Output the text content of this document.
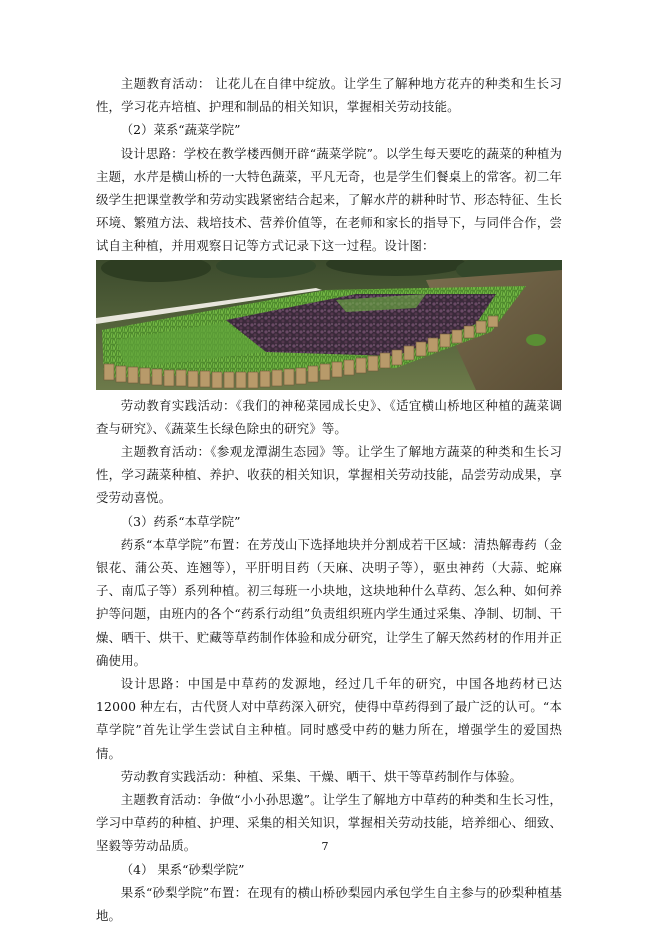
主题教育活动： 让花儿在自律中绽放。让学生了解种地方花卉的种类和生长习性，学习花卉培植、护理和制品的相关知识，掌握相关劳动技能。

（2）菜系“蔬菜学院”

设计思路：学校在教学楼西侧开辟“蔬菜学院”。以学生每天要吃的蔬菜的种植为主题，水芹是横山桥的一大特色蔬菜，平凡无奇，也是学生们餐桌上的常客。初二年级学生把课堂教学和劳动实践紧密结合起来，了解水芹的耕种时节、形态特征、生长环境、繁殖方法、栽培技术、营养价值等，在老师和家长的指导下，与同伴合作，尝试自主种植，并用观察日记等方式记录下这一过程。设计图：

劳动教育实践活动：《我们的神秘菜园成长史》、《适宜横山桥地区种植的蔬菜调查与研究》、《蔬菜生长绿色除虫的研究》等。

主题教育活动：《参观龙潭湖生态园》等。让学生了解地方蔬菜的种类和生长习性，学习蔬菜种植、养护、收获的相关知识，掌握相关劳动技能，品尝劳动成果，享受劳动喜悦。

（3）药系“本草学院”

药系“本草学院”布置：在芳茂山下选择地块并分割成若干区域：清热解毒药（金银花、蒲公英、连翘等），平肝明目药（天麻、决明子等），驱虫神药（大蒜、蛇麻子、南瓜子等）系列种植。初三每班一小块地，这块地种什么草药、怎么种、如何养护等问题，由班内的各个“药系行动组”负责组织班内学生通过采集、净制、切制、干燥、晒干、烘干、贮藏等草药制作体验和成分研究，让学生了解天然药材的作用并正确使用。

设计思路：中国是中草药的发源地，经过几千年的研究，中国各地药材已达12000 种左右，古代贤人对中草药深入研究，使得中草药得到了最广泛的认可。“本草学院”首先让学生尝试自主种植。同时感受中药的魅力所在，增强学生的爱国热情。

劳动教育实践活动：种植、采集、干燥、晒干、烘干等草药制作与体验。

主题教育活动：争做“小小孙思邈”。让学生了解地方中草药的种类和生长习性，学习中草药的种植、护理、采集的相关知识，掌握相关劳动技能，培养细心、细致、坚毅等劳动品质。

（4） 果系“砂梨学院”

果系“砂梨学院”布置：在现有的横山桥砂梨园内承包学生自主参与的砂梨种植基地。

7
